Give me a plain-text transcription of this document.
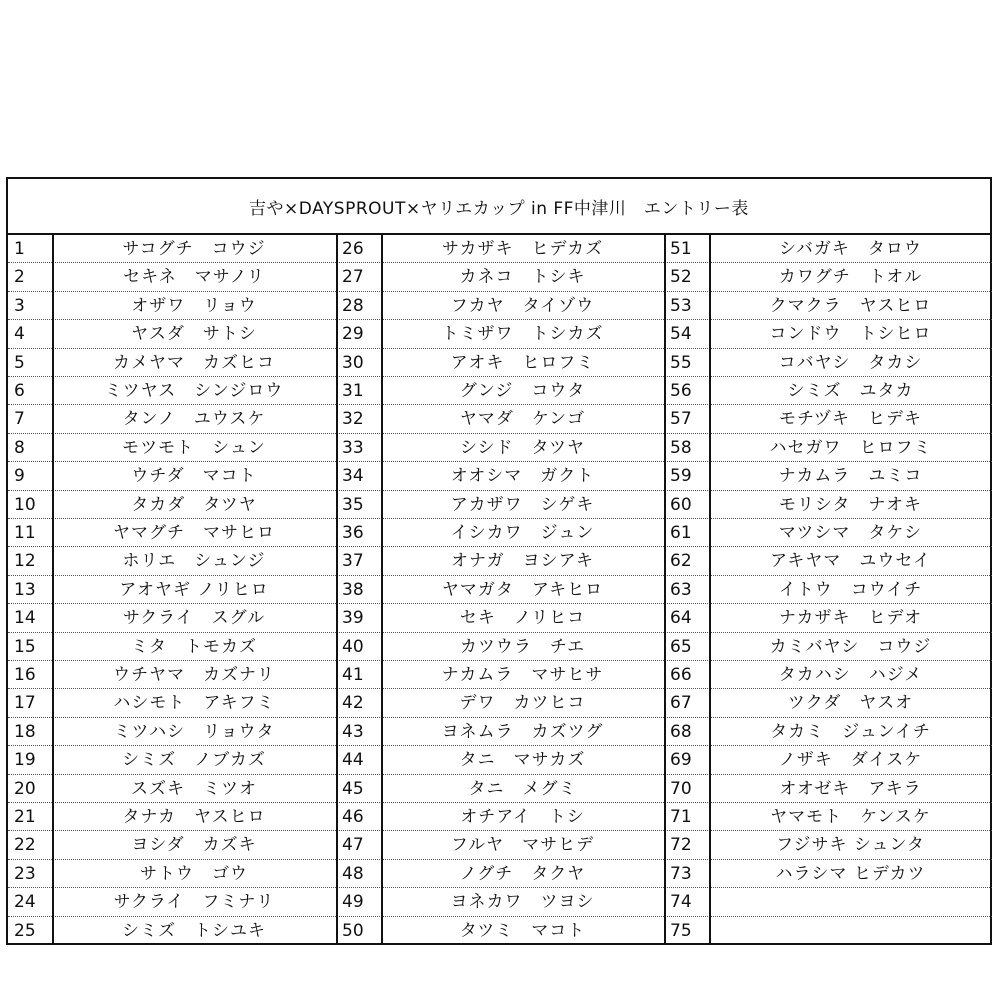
吉や×DAYSPROUT×ヤリエカップ in FF中津川　エントリー表
1	サコグチ　コウジ
2	セキネ　マサノリ
3	オザワ　リョウ
4	ヤスダ　サトシ
5	カメヤマ　カズヒコ
6	ミツヤス　シンジロウ
7	タンノ　ユウスケ
8	モツモト　シュン
9	ウチダ　マコト
10	タカダ　タツヤ
11	ヤマグチ　マサヒロ
12	ホリエ　シュンジ
13	アオヤギ ノリヒロ
14	サクライ　スグル
15	ミタ　トモカズ
16	ウチヤマ　カズナリ
17	ハシモト　アキフミ
18	ミツハシ　リョウタ
19	シミズ　ノブカズ
20	スズキ　ミツオ
21	タナカ　ヤスヒロ
22	ヨシダ　カズキ
23	サトウ　ゴウ
24	サクライ　フミナリ
25	シミズ　トシユキ
26	サカザキ　ヒデカズ
27	カネコ　トシキ
28	フカヤ　タイゾウ
29	トミザワ　トシカズ
30	アオキ　ヒロフミ
31	グンジ　コウタ
32	ヤマダ　ケンゴ
33	シシド　タツヤ
34	オオシマ　ガクト
35	アカザワ　シゲキ
36	イシカワ　ジュン
37	オナガ　ヨシアキ
38	ヤマガタ　アキヒロ
39	セキ　ノリヒコ
40	カツウラ　チエ
41	ナカムラ　マサヒサ
42	デワ　カツヒコ
43	ヨネムラ　カズツグ
44	タニ　マサカズ
45	タニ　メグミ
46	オチアイ　トシ
47	フルヤ　マサヒデ
48	ノグチ　タクヤ
49	ヨネカワ　ツヨシ
50	タツミ　マコト
51	シバガキ　タロウ
52	カワグチ　トオル
53	クマクラ　ヤスヒロ
54	コンドウ　トシヒロ
55	コバヤシ　タカシ
56	シミズ　ユタカ
57	モチヅキ　ヒデキ
58	ハセガワ　ヒロフミ
59	ナカムラ　ユミコ
60	モリシタ　ナオキ
61	マツシマ　タケシ
62	アキヤマ　ユウセイ
63	イトウ　コウイチ
64	ナカザキ　ヒデオ
65	カミバヤシ　コウジ
66	タカハシ　ハジメ
67	ツクダ　ヤスオ
68	タカミ　ジュンイチ
69	ノザキ　ダイスケ
70	オオゼキ　アキラ
71	ヤマモト　ケンスケ
72	フジサキ シュンタ
73	ハラシマ ヒデカツ
74
75
